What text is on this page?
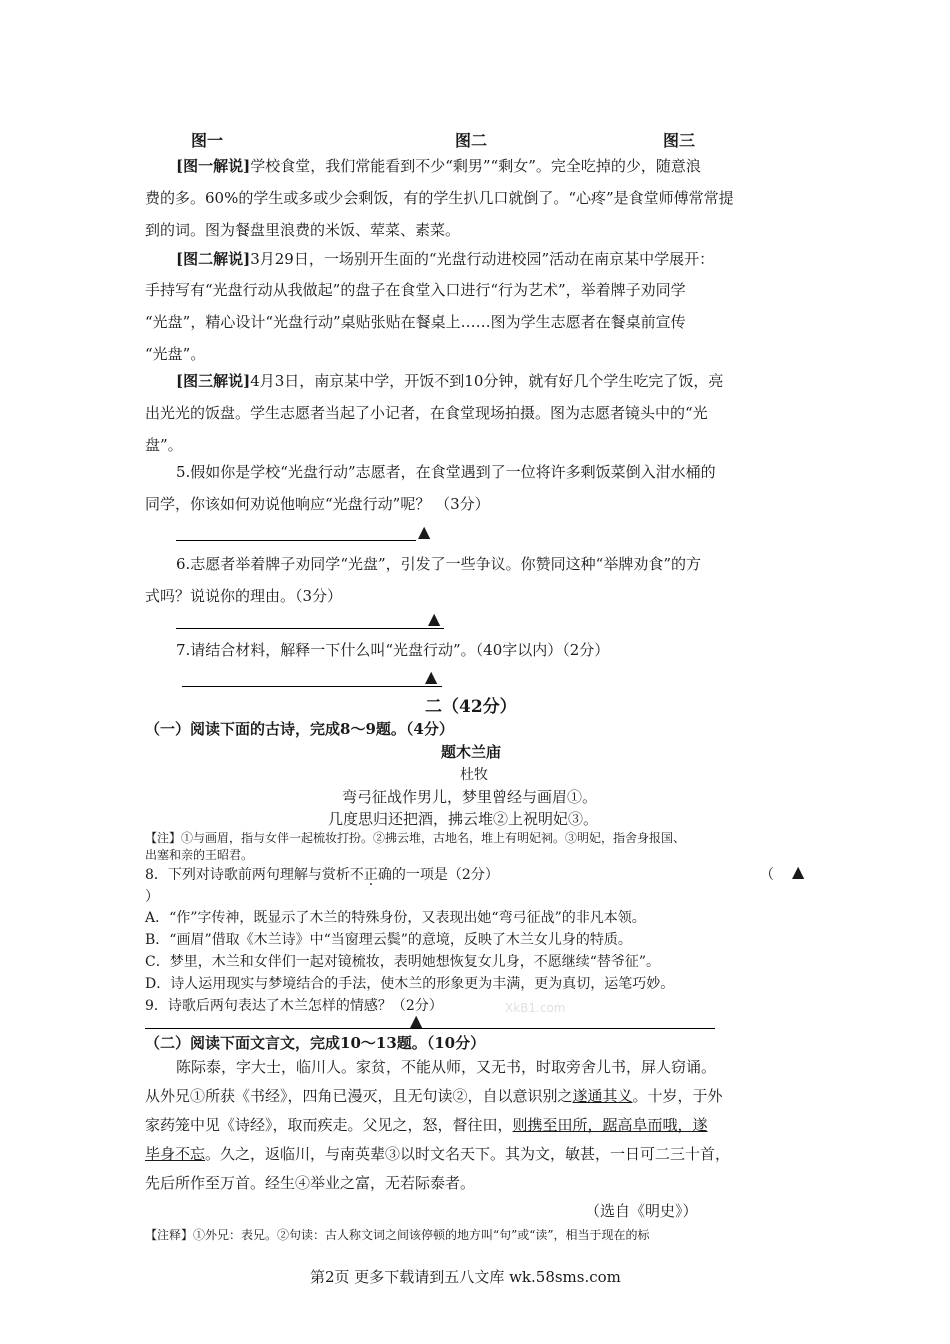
图一	图二	图三
[图一解说]学校食堂，我们常能看到不少“剩男”“剩女”。完全吃掉的少，随意浪
费的多。60%的学生或多或少会剩饭，有的学生扒几口就倒了。“心疼”是食堂师傅常常提
到的词。图为餐盘里浪费的米饭、荤菜、素菜。
[图二解说]3月29日，一场别开生面的“光盘行动进校园”活动在南京某中学展开：
手持写有“光盘行动从我做起”的盘子在食堂入口进行“行为艺术”，举着牌子劝同学
“光盘”，精心设计“光盘行动”桌贴张贴在餐桌上……图为学生志愿者在餐桌前宣传
“光盘”。
[图三解说]4月3日，南京某中学，开饭不到10分钟，就有好几个学生吃完了饭，亮
出光光的饭盘。学生志愿者当起了小记者，在食堂现场拍摄。图为志愿者镜头中的“光
盘”。
5.假如你是学校“光盘行动”志愿者，在食堂遇到了一位将许多剩饭菜倒入泔水桶的
同学，你该如何劝说他响应“光盘行动”呢？ （3分）
▲
6.志愿者举着牌子劝同学“光盘”，引发了一些争议。你赞同这种“举牌劝食”的方
式吗？说说你的理由。（3分）
▲
7.请结合材料，解释一下什么叫“光盘行动”。（40字以内）（2分）
▲
二（42分）
（一）阅读下面的古诗，完成8～9题。（4分）
题木兰庙
杜牧
弯弓征战作男儿，梦里曾经与画眉①。
几度思归还把酒，拂云堆②上祝明妃③。
【注】①与画眉，指与女伴一起梳妆打扮。②拂云堆，古地名，堆上有明妃祠。③明妃，指舍身报国、
出塞和亲的王昭君。
8．下列对诗歌前两句理解与赏析不正确的一项是（2分）	（ ▲
）
A．“作”字传神，既显示了木兰的特殊身份，又表现出她“弯弓征战”的非凡本领。
B．“画眉”借取《木兰诗》中“当窗理云鬓”的意境，反映了木兰女儿身的特质。
C．梦里，木兰和女伴们一起对镜梳妆，表明她想恢复女儿身，不愿继续“替爷征”。
D．诗人运用现实与梦境结合的手法，使木兰的形象更为丰满，更为真切，运笔巧妙。
9．诗歌后两句表达了木兰怎样的情感？（2分）	XkB1.com
▲
（二）阅读下面文言文，完成10～13题。（10分）
陈际泰，字大士，临川人。家贫，不能从师，又无书，时取旁舍儿书，屏人窃诵。
从外兄①所获《书经》，四角已漫灭，且无句读②，自以意识别之遂通其义。十岁，于外
家药笼中见《诗经》，取而疾走。父见之，怒，督往田，则携至田所，踞高阜而哦，遂
毕身不忘。久之，返临川，与南英辈③以时文名天下。其为文，敏甚，一日可二三十首，
先后所作至万首。经生④举业之富，无若际泰者。
（选自《明史》）
【注释】①外兄：表兄。②句读：古人称文词之间该停顿的地方叫“句”或“读”，相当于现在的标
第2页 更多下载请到五八文库 wk.58sms.com
